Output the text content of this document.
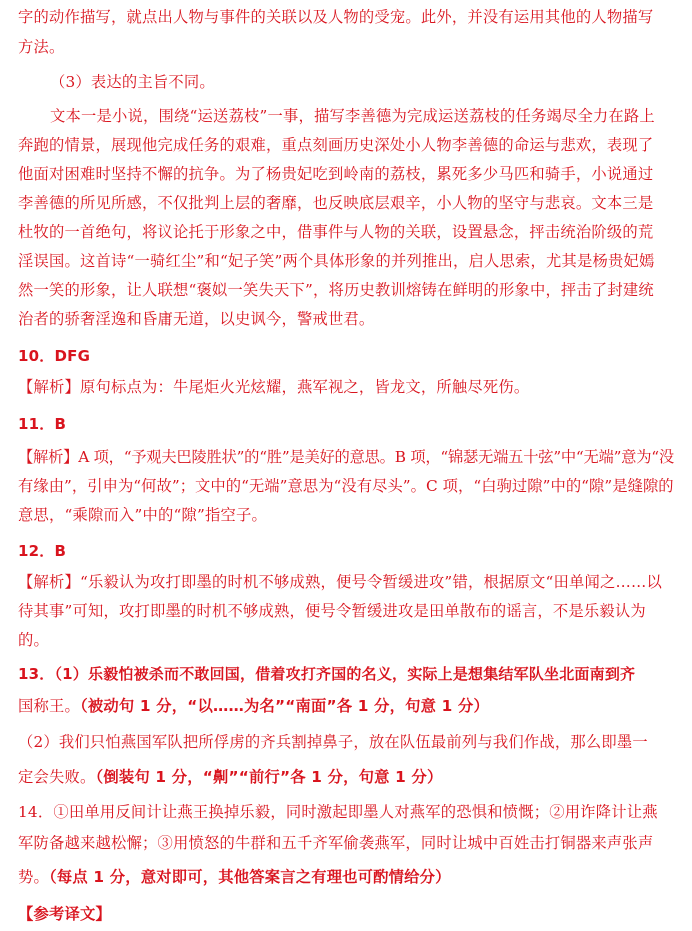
字的动作描写，就点出人物与事件的关联以及人物的受宠。此外，并没有运用其他的人物描写
方法。
（3）表达的主旨不同。
文本一是小说，围绕“运送荔枝”一事，描写李善德为完成运送荔枝的任务竭尽全力在路上
奔跑的情景，展现他完成任务的艰难，重点刻画历史深处小人物李善德的命运与悲欢，表现了
他面对困难时坚持不懈的抗争。为了杨贵妃吃到岭南的荔枝，累死多少马匹和骑手，小说通过
李善德的所见所感，不仅批判上层的奢靡，也反映底层艰辛，小人物的坚守与悲哀。文本三是
杜牧的一首绝句，将议论托于形象之中，借事件与人物的关联，设置悬念，抨击统治阶级的荒
淫误国。这首诗“一骑红尘”和“妃子笑”两个具体形象的并列推出，启人思索，尤其是杨贵妃嫣
然一笑的形象，让人联想“褒姒一笑失天下”，将历史教训熔铸在鲜明的形象中，抨击了封建统
治者的骄奢淫逸和昏庸无道，以史讽今，警戒世君。
10．DFG
【解析】原句标点为：牛尾炬火光炫耀，燕军视之，皆龙文，所触尽死伤。
11．B
【解析】A 项，“予观夫巴陵胜状”的“胜”是美好的意思。B 项，“锦瑟无端五十弦”中“无端”意为“没
有缘由”，引申为“何故”；文中的“无端”意思为“没有尽头”。C 项，“白驹过隙”中的“隙”是缝隙的
意思，“乘隙而入”中的“隙”指空子。
12．B
【解析】“乐毅认为攻打即墨的时机不够成熟，便号令暂缓进攻”错，根据原文“田单闻之……以
待其事”可知，攻打即墨的时机不够成熟，便号令暂缓进攻是田单散布的谣言，不是乐毅认为
的。
13．（1）乐毅怕被杀而不敢回国，借着攻打齐国的名义，实际上是想集结军队坐北面南到齐
国称王。（被动句 1 分，“以……为名”“南面”各 1 分，句意 1 分）
（2）我们只怕燕国军队把所俘虏的齐兵割掉鼻子，放在队伍最前列与我们作战，那么即墨一
定会失败。（倒装句 1 分，“劓”“前行”各 1 分，句意 1 分）
14．①田单用反间计让燕王换掉乐毅，同时激起即墨人对燕军的恐惧和愤慨；②用诈降计让燕
军防备越来越松懈；③用愤怒的牛群和五千齐军偷袭燕军，同时让城中百姓击打铜器来声张声
势。（每点 1 分，意对即可，其他答案言之有理也可酌情给分）
【参考译文】
